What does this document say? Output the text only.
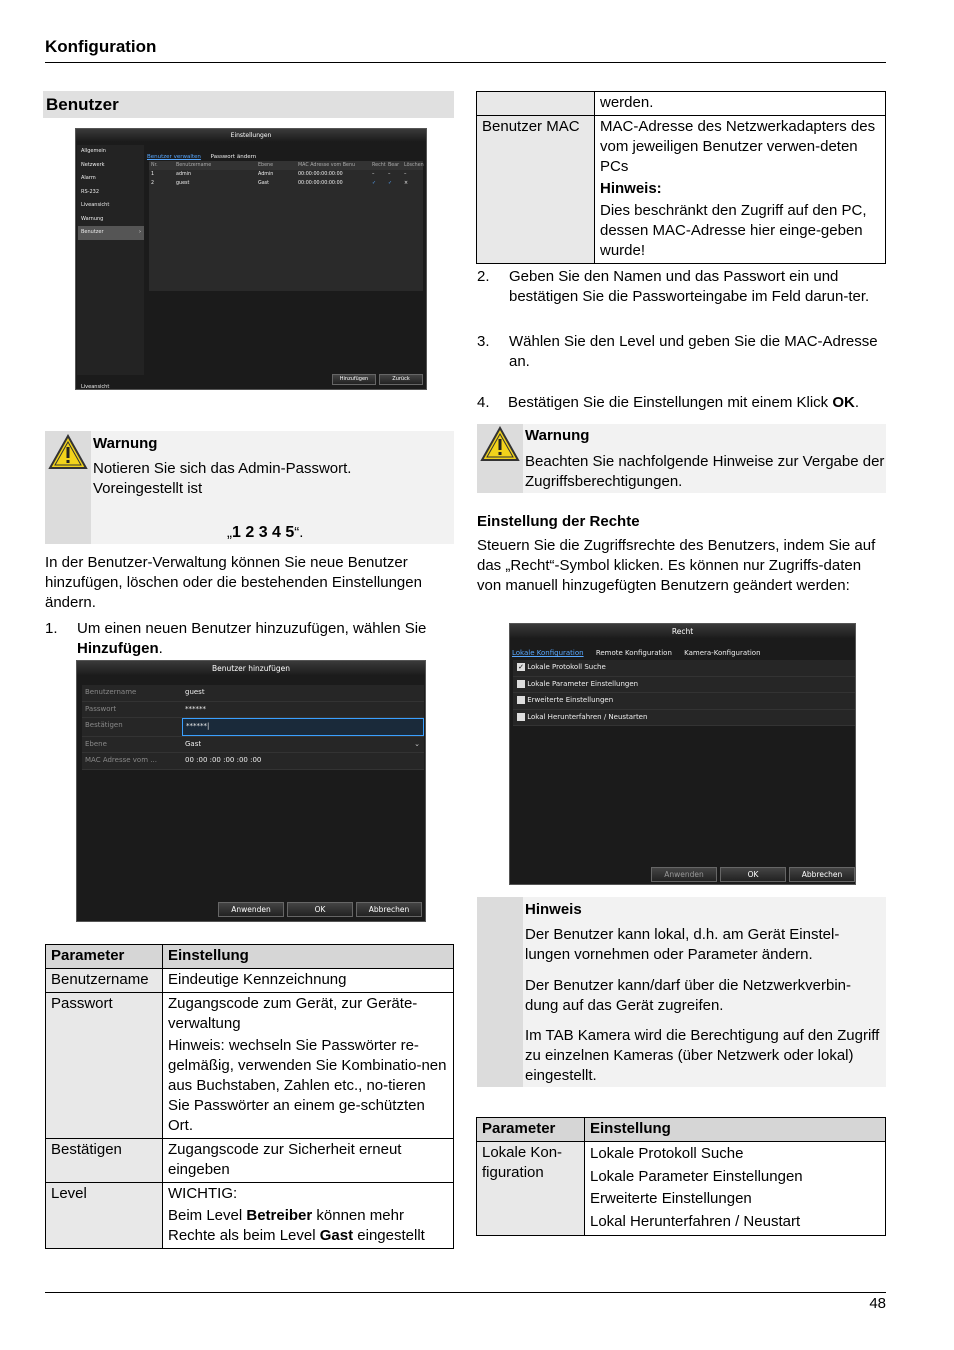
Konfiguration
48
Benutzer
Einstellungen
Allgemein
Netzwerk
Alarm
RS-232
Liveansicht
Warnung
Benutzer	›
Liveansicht
Benutzer verwalten Passwort ändern
Nr.	Benutzername	Ebene	MAC Adresse vom Benu	Recht Bear	Löschen
1	admin	Admin	00:00:00:00:00:00	–	–	–
2	guest	Gast	00:00:00:00:00:00	✓	✓	×
Hinzufügen	Zurück
Warnung
Notieren Sie sich das Admin-Passwort. Voreingestellt ist
„1 2 3 4 5“.
In der Benutzer-Verwaltung können Sie neue Benutzer hinzufügen, löschen oder die bestehenden Einstellungen ändern.
1. Um einen neuen Benutzer hinzuzufügen, wählen Sie Hinzufügen.
Benutzer hinzufügen
Benutzername	guest
Passwort	******
Bestätigen	******|
Ebene	Gast	⌄
MAC Adresse vom ...	00 :00 :00 :00 :00 :00
Anwenden	OK	Abbrechen
Parameter	Einstellung
Benutzername	Eindeutige Kennzeichnung
Passwort	Zugangscode zum Gerät, zur Geräte-verwaltung
Hinweis: wechseln Sie Passwörter re-gelmäßig, verwenden Sie Kombinatio-nen aus Buchstaben, Zahlen etc., no-tieren Sie Passwörter an einem ge-schützten Ort.

Bestätigen	Zugangscode zur Sicherheit erneut eingeben
Level	WICHTIG:
Beim Level Betreiber können mehr Rechte als beim Level Gast eingestellt
	werden.
Benutzer MAC	MAC-Adresse des Netzwerkadapters des vom jeweiligen Benutzer verwen-deten PCs
Hinweis:
Dies beschränkt den Zugriff auf den PC, dessen MAC-Adresse hier einge-geben wurde!
2. Geben Sie den Namen und das Passwort ein und bestätigen Sie die Passworteingabe im Feld darun-ter.
3. Wählen Sie den Level und geben Sie die MAC-Adresse an.
4. Bestätigen Sie die Einstellungen mit einem Klick OK.
Warnung
Beachten Sie nachfolgende Hinweise zur Vergabe der Zugriffsberechtigungen.
Einstellung der Rechte
Steuern Sie die Zugriffsrechte des Benutzers, indem Sie auf das „Recht“-Symbol klicken. Es können nur Zugriffs-daten von manuell hinzugefügten Benutzern geändert werden:
Recht
Lokale Konfiguration Remote Konfiguration Kamera-Konfiguration
✓ Lokale Protokoll Suche
Lokale Parameter Einstellungen
Erweiterte Einstellungen
Lokal Herunterfahren / Neustarten
Anwenden	OK	Abbrechen
Hinweis
Der Benutzer kann lokal, d.h. am Gerät Einstel-lungen vornehmen oder Parameter ändern.
Der Benutzer kann/darf über die Netzwerkverbin-dung auf das Gerät zugreifen.
Im TAB Kamera wird die Berechtigung auf den Zugriff zu einzelnen Kameras (über Netzwerk oder lokal) eingestellt.
Parameter	Einstellung
Lokale Kon-figuration	Lokale Protokoll Suche
Lokale Parameter Einstellungen
Erweiterte Einstellungen
Lokal Herunterfahren / Neustart
